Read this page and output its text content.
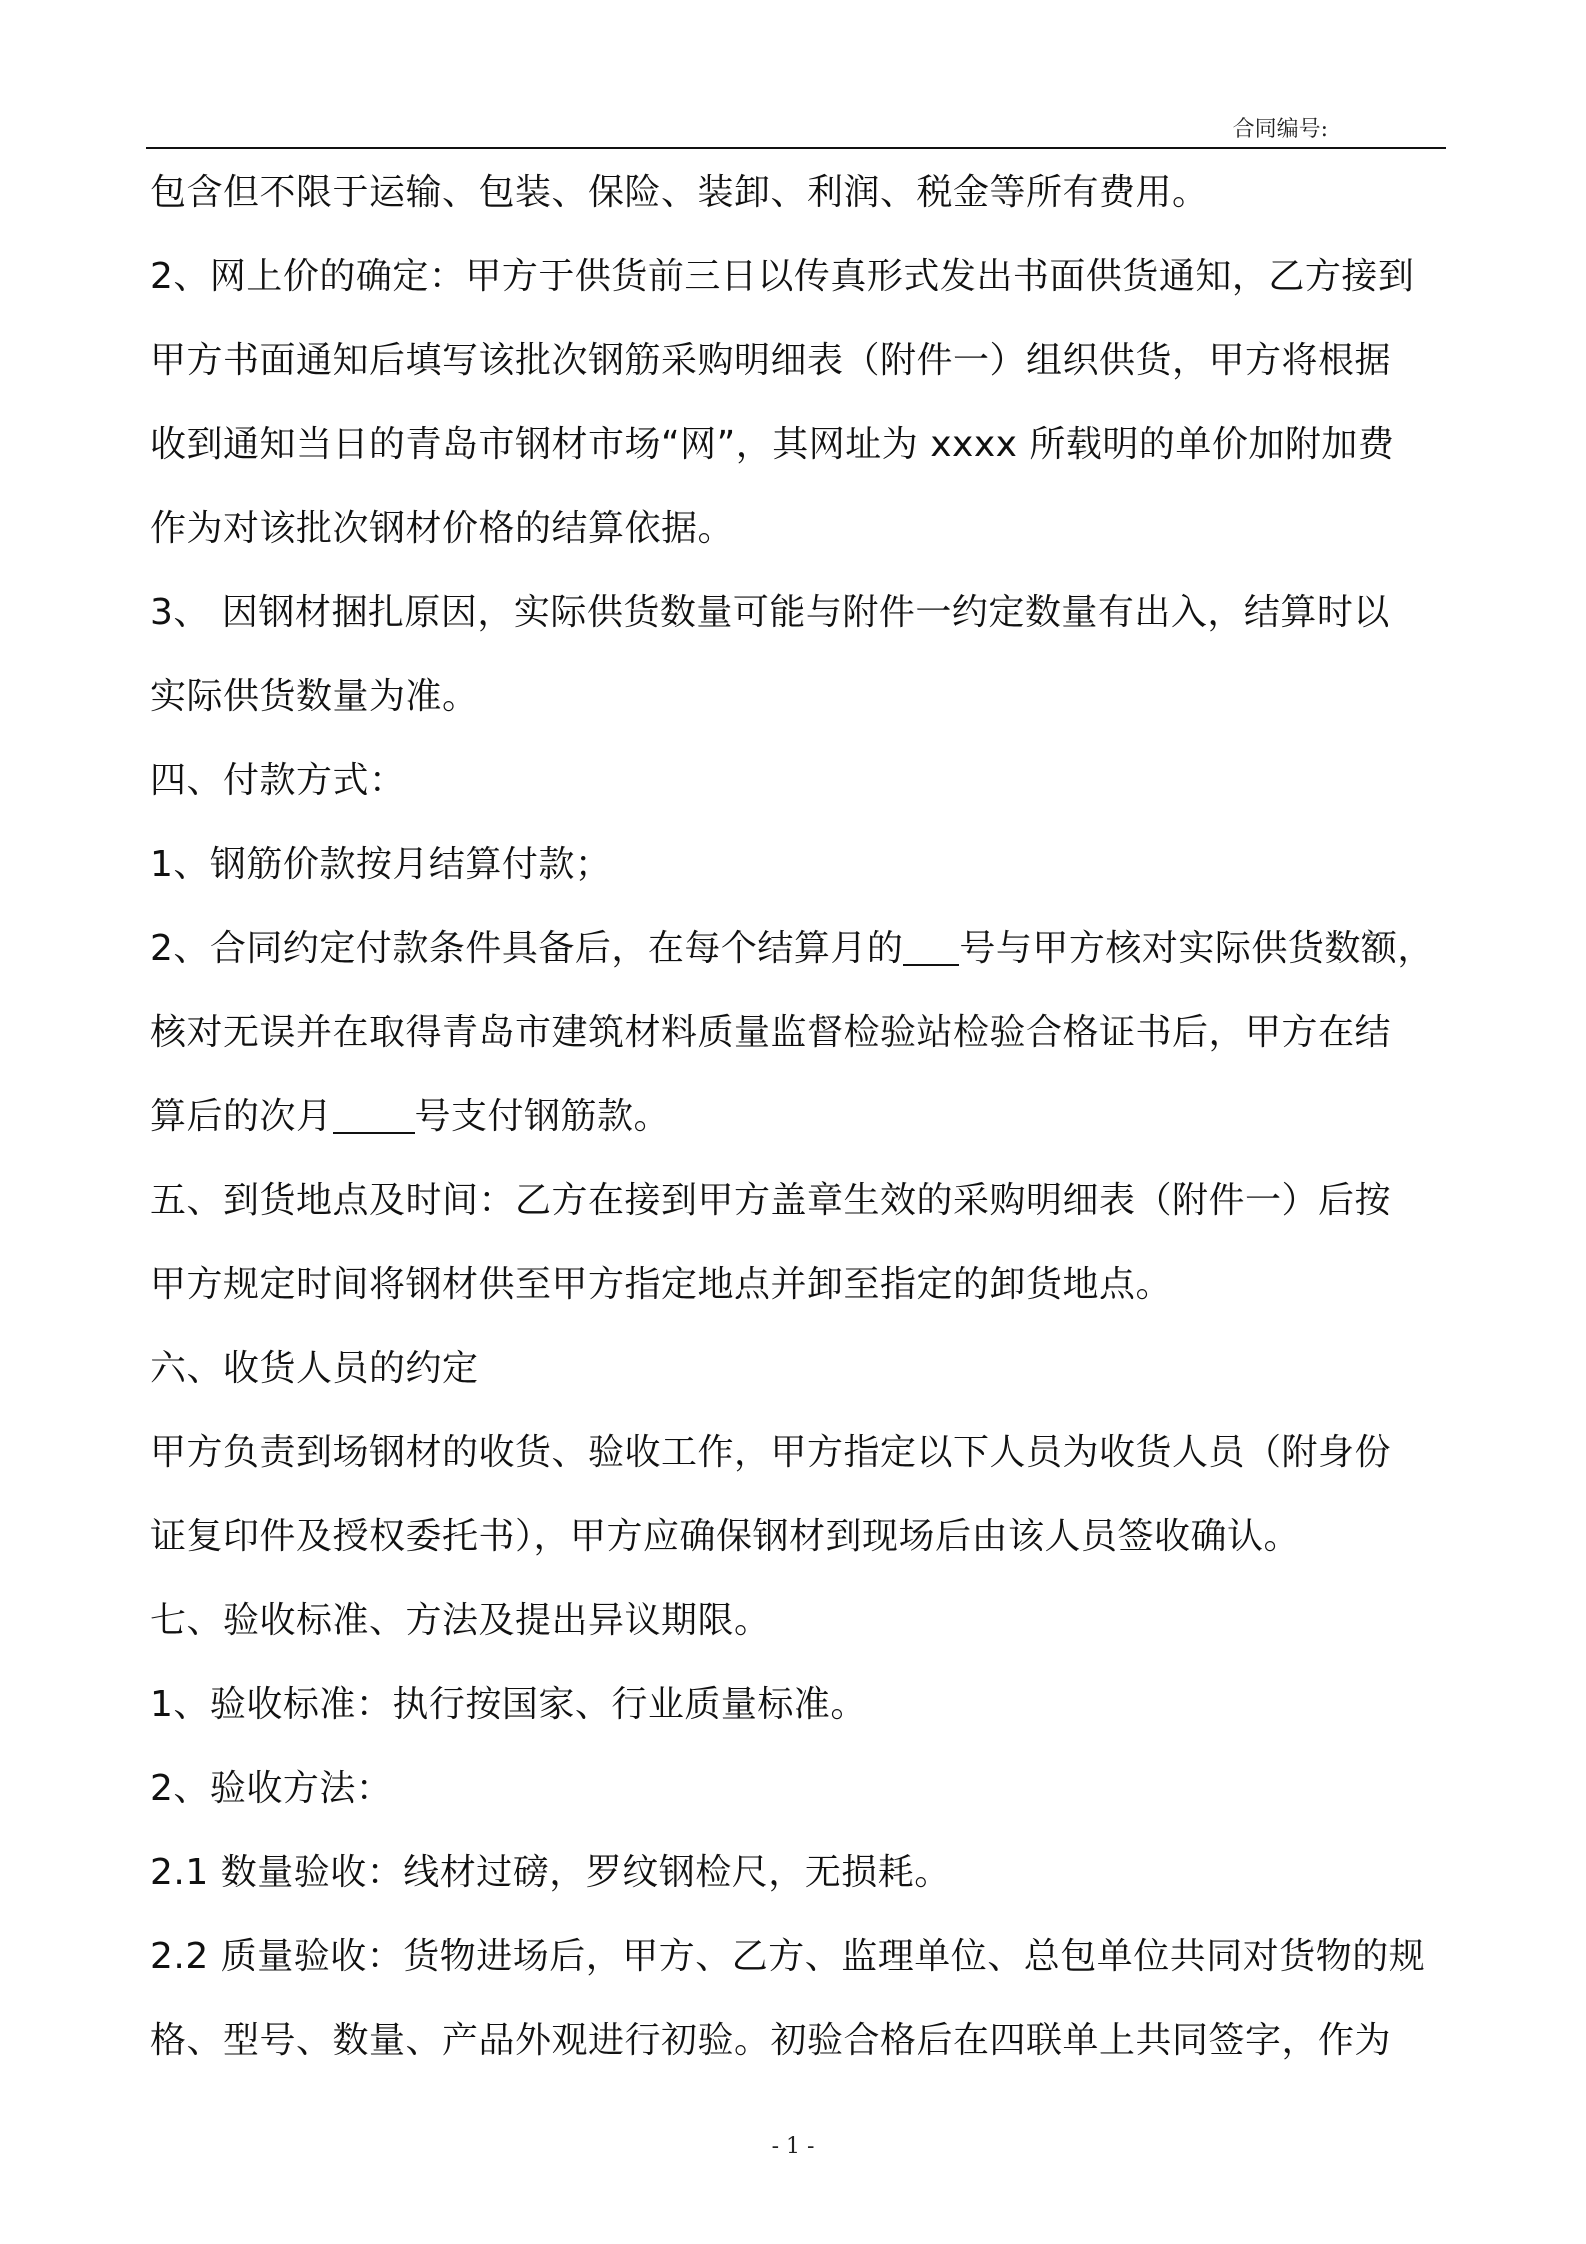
合同编号:
包含但不限于运输、包装、保险、装卸、利润、税金等所有费用。
2、网上价的确定：甲方于供货前三日以传真形式发出书面供货通知，乙方接到
甲方书面通知后填写该批次钢筋采购明细表（附件一）组织供货，甲方将根据
收到通知当日的青岛市钢材市场“网”，其网址为 xxxx 所载明的单价加附加费
作为对该批次钢材价格的结算依据。
3、 因钢材捆扎原因，实际供货数量可能与附件一约定数量有出入，结算时以
实际供货数量为准。
四、付款方式：
1、钢筋价款按月结算付款；
2、合同约定付款条件具备后，在每个结算月的 号与甲方核对实际供货数额，
核对无误并在取得青岛市建筑材料质量监督检验站检验合格证书后，甲方在结
算后的次月 号支付钢筋款。
五、到货地点及时间：乙方在接到甲方盖章生效的采购明细表（附件一）后按
甲方规定时间将钢材供至甲方指定地点并卸至指定的卸货地点。
六、收货人员的约定
甲方负责到场钢材的收货、验收工作，甲方指定以下人员为收货人员（附身份
证复印件及授权委托书），甲方应确保钢材到现场后由该人员签收确认。
七、验收标准、方法及提出异议期限。
1、验收标准：执行按国家、行业质量标准。
2、验收方法：
2.1 数量验收：线材过磅，罗纹钢检尺，无损耗。
2.2 质量验收：货物进场后，甲方、乙方、监理单位、总包单位共同对货物的规
格、型号、数量、产品外观进行初验。初验合格后在四联单上共同签字，作为
- 1 -
